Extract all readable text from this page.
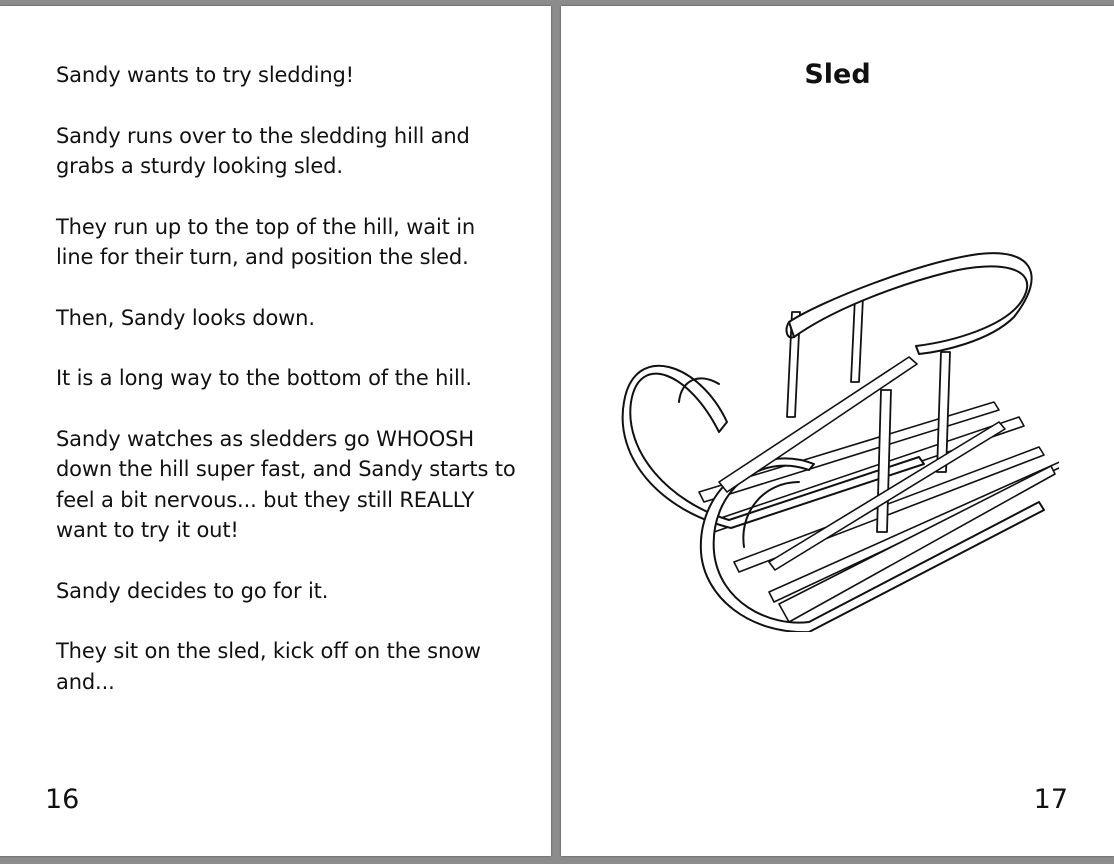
Sandy wants to try sledding!

Sandy runs over to the sledding hill and grabs a sturdy looking sled.

They run up to the top of the hill, wait in line for their turn, and position the sled.

Then, Sandy looks down.

It is a long way to the bottom of the hill.

Sandy watches as sledders go WHOOSH down the hill super fast, and Sandy starts to feel a bit nervous... but they still REALLY want to try it out!

Sandy decides to go for it.

They sit on the sled, kick off on the snow and...

16
Sled
17
